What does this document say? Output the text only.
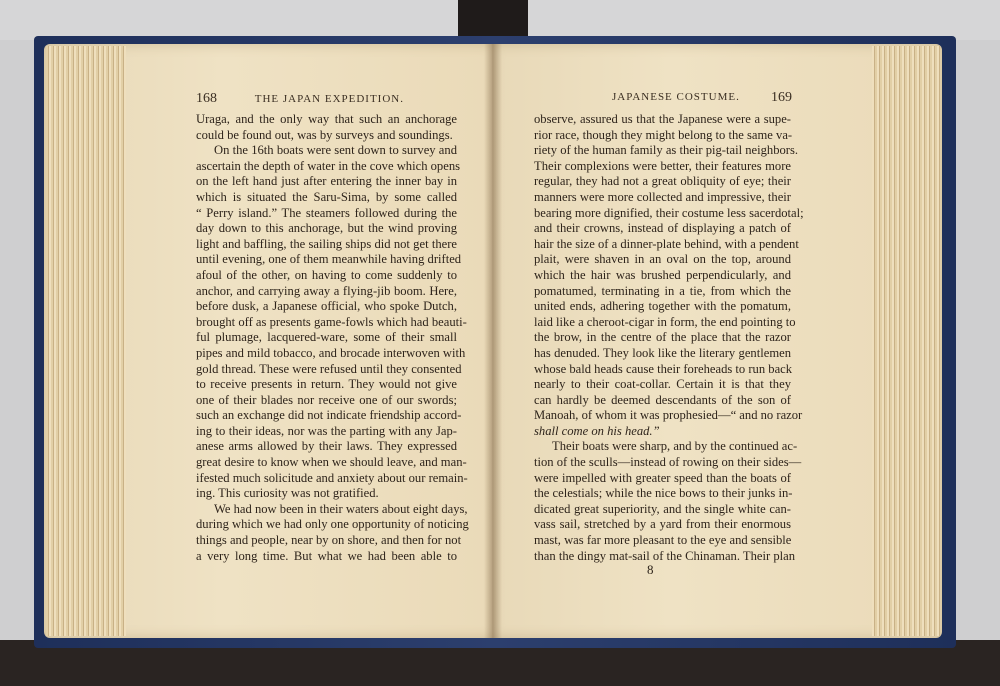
168	THE JAPAN EXPEDITION.	JAPANESE COSTUME. 169
Uraga, and the only way that such an anchorage
could be found out, was by surveys and soundings.
On the 16th boats were sent down to survey and
ascertain the depth of water in the cove which opens
on the left hand just after entering the inner bay in
which is situated the Saru-Sima, by some called
“ Perry island.” The steamers followed during the
day down to this anchorage, but the wind proving
light and baffling, the sailing ships did not get there
until evening, one of them meanwhile having drifted
afoul of the other, on having to come suddenly to
anchor, and carrying away a flying-jib boom. Here,
before dusk, a Japanese official, who spoke Dutch,
brought off as presents game-fowls which had beauti-
ful plumage, lacquered-ware, some of their small
pipes and mild tobacco, and brocade interwoven with
gold thread. These were refused until they consented
to receive presents in return. They would not give
one of their blades nor receive one of our swords;
such an exchange did not indicate friendship accord-
ing to their ideas, nor was the parting with any Jap-
anese arms allowed by their laws. They expressed
great desire to know when we should leave, and man-
ifested much solicitude and anxiety about our remain-
ing. This curiosity was not gratified.
We had now been in their waters about eight days,
during which we had only one opportunity of noticing
things and people, near by on shore, and then for not
a very long time. But what we had been able to
observe, assured us that the Japanese were a supe-
rior race, though they might belong to the same va-
riety of the human family as their pig-tail neighbors.
Their complexions were better, their features more
regular, they had not a great obliquity of eye; their
manners were more collected and impressive, their
bearing more dignified, their costume less sacerdotal;
and their crowns, instead of displaying a patch of
hair the size of a dinner-plate behind, with a pendent
plait, were shaven in an oval on the top, around
which the hair was brushed perpendicularly, and
pomatumed, terminating in a tie, from which the
united ends, adhering together with the pomatum,
laid like a cheroot-cigar in form, the end pointing to
the brow, in the centre of the place that the razor
has denuded. They look like the literary gentlemen
whose bald heads cause their foreheads to run back
nearly to their coat-collar. Certain it is that they
can hardly be deemed descendants of the son of
Manoah, of whom it was prophesied—“ and no razor
shall come on his head.”
Their boats were sharp, and by the continued ac-
tion of the sculls—instead of rowing on their sides—
were impelled with greater speed than the boats of
the celestials; while the nice bows to their junks in-
dicated great superiority, and the single white can-
vass sail, stretched by a yard from their enormous
mast, was far more pleasant to the eye and sensible
than the dingy mat-sail of the Chinaman. Their plan
8
